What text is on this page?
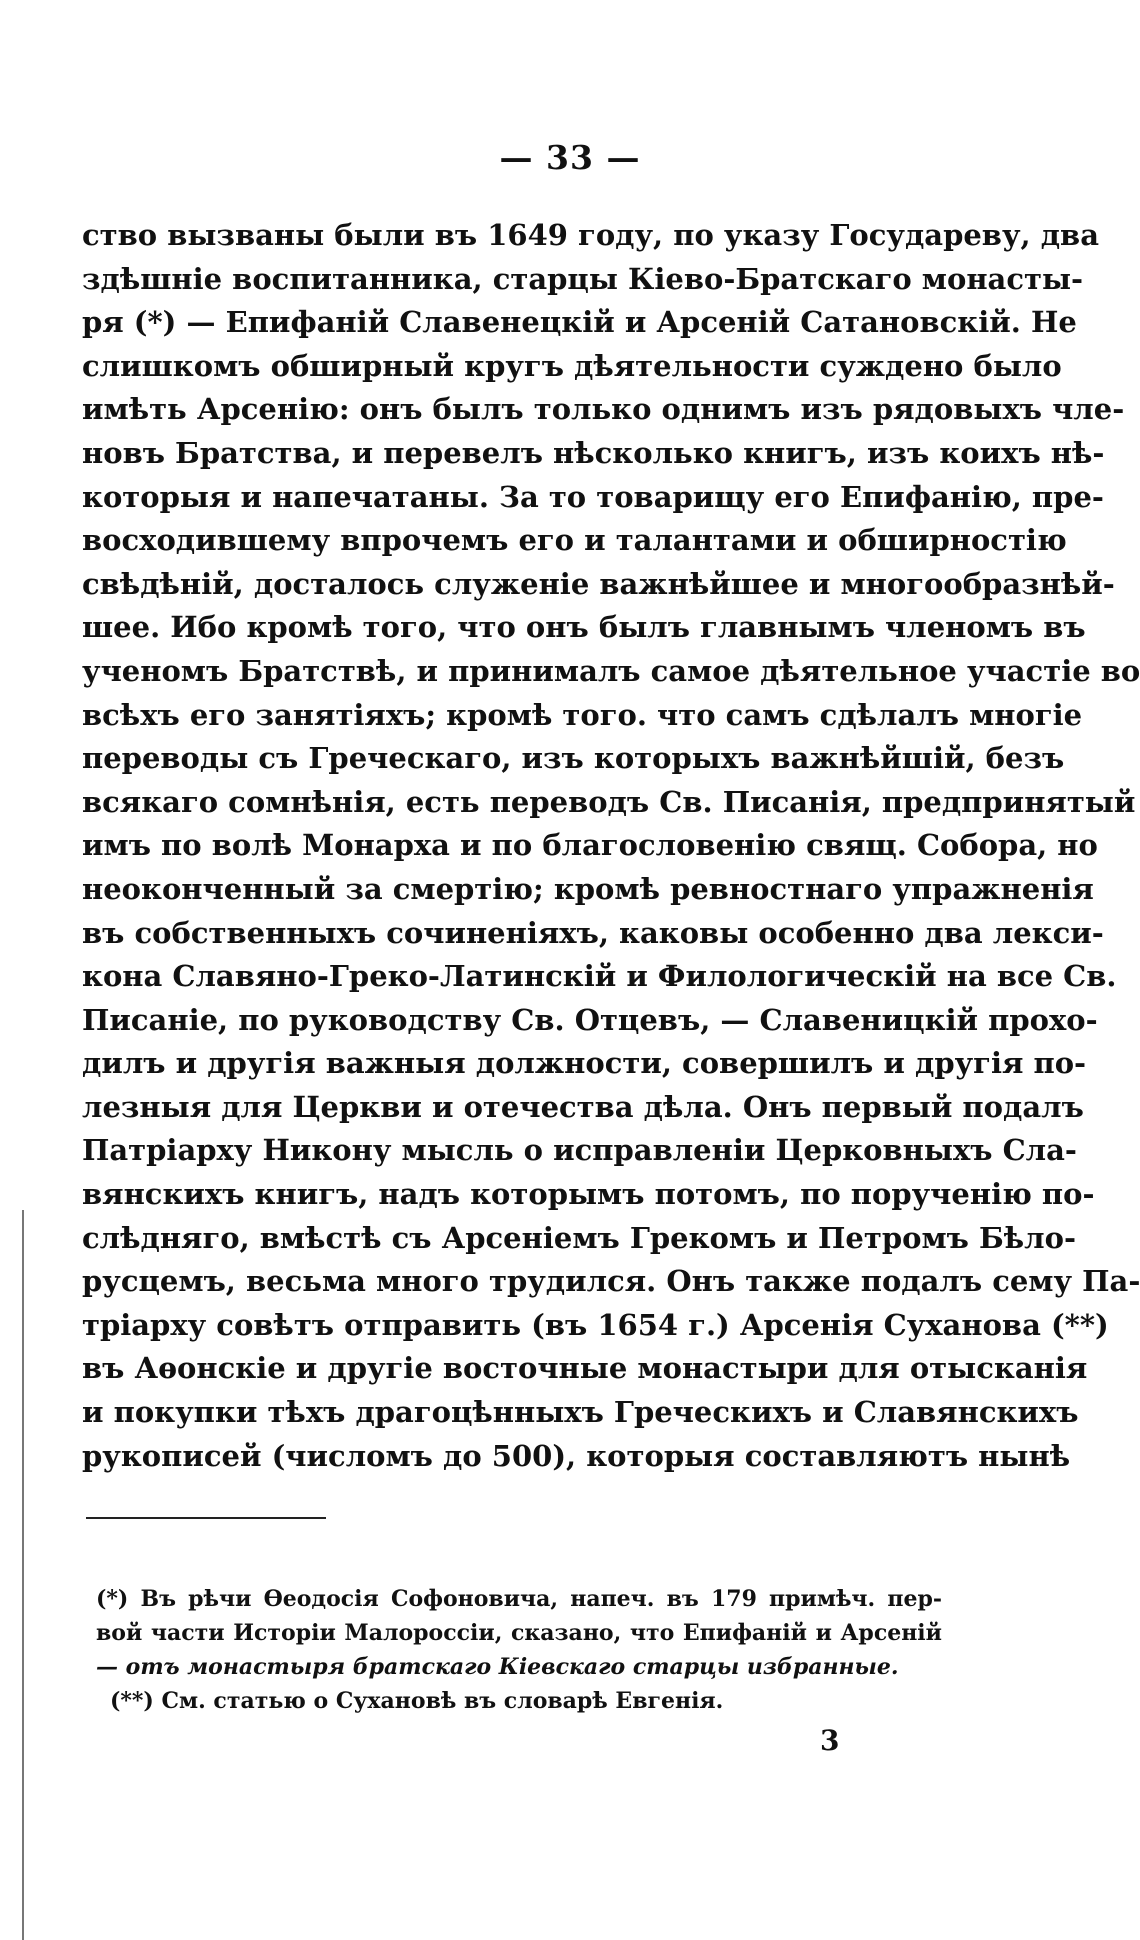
— 33 —
ство вызваны были въ 1649 году, по указу Государеву, два
здѣшніе воспитанника, старцы Кіево-Братскаго монасты-
ря (*) — Епифаній Славенецкій и Арсеній Сатановскій. Не
слишкомъ обширный кругъ дѣятельности суждено было
имѣть Арсенію: онъ былъ только однимъ изъ рядовыхъ чле-
новъ Братства, и перевелъ нѣсколько книгъ, изъ коихъ нѣ-
которыя и напечатаны. За то товарищу его Епифанію, пре-
восходившему впрочемъ его и талантами и обширностію
свѣдѣній, досталось служеніе важнѣйшее и многообразнѣй-
шее. Ибо кромѣ того, что онъ былъ главнымъ членомъ въ
ученомъ Братствѣ, и принималъ самое дѣятельное участіе во
всѣхъ его занятіяхъ; кромѣ того. что самъ сдѣлалъ многіе
переводы съ Греческаго, изъ которыхъ важнѣйшій, безъ
всякаго сомнѣнія, есть переводъ Св. Писанія, предпринятый
имъ по волѣ Монарха и по благословенію свящ. Собора, но
неоконченный за смертію; кромѣ ревностнаго упражненія
въ собственныхъ сочиненіяхъ, каковы особенно два лекси-
кона Славяно-Греко-Латинскій и Филологическій на все Св.
Писаніе, по руководству Св. Отцевъ, — Славеницкій прохо-
дилъ и другія важныя должности, совершилъ и другія по-
лезныя для Церкви и отечества дѣла. Онъ первый подалъ
Патріарху Никону мысль о исправленіи Церковныхъ Сла-
вянскихъ книгъ, надъ которымъ потомъ, по порученію по-
слѣдняго, вмѣстѣ съ Арсеніемъ Грекомъ и Петромъ Бѣло-
русцемъ, весьма много трудился. Онъ также подалъ сему Па-
тріарху совѣтъ отправить (въ 1654 г.) Арсенія Суханова (**)
въ Аѳонскіе и другіе восточные монастыри для отысканія
и покупки тѣхъ драгоцѣнныхъ Греческихъ и Славянскихъ
рукописей (числомъ до 500), которыя составляютъ нынѣ
(*) Въ рѣчи Ѳеодосія Софоновича, напеч. въ 179 примѣч. пер-
вой части Исторіи Малороссіи, сказано, что Епифаній и Арсеній
— отъ монастыря братскаго Кіевскаго старцы избранные.
(**) См. статью о Сухановѣ въ словарѣ Евгенія.
3
